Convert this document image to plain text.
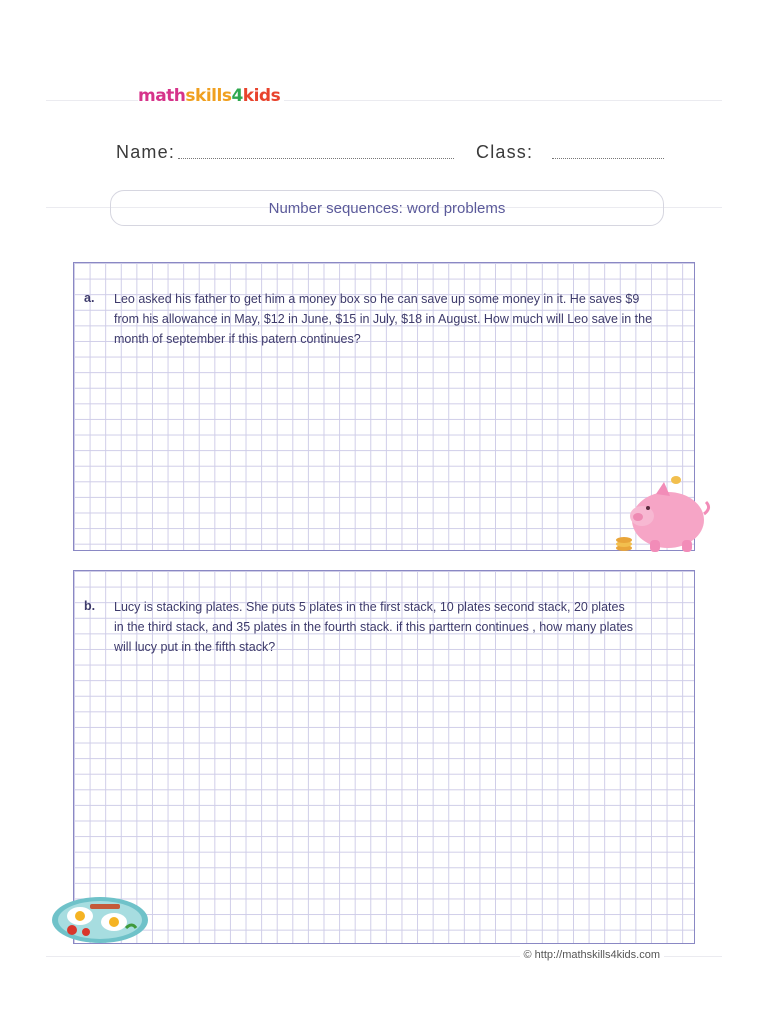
mathskills4kids
Name:	Class:
Number sequences: word problems
a. Leo asked his father to get him a money box so he can save up some money in it. He saves $9
from his allowance in May, $12 in June, $15 in July, $18 in August. How much will Leo save in the
month of september if this patern continues?
b. Lucy is stacking plates. She puts 5 plates in the first stack, 10 plates second stack, 20 plates
in the third stack, and 35 plates in the fourth stack. if this parttern continues , how many plates
will lucy put in the fifth stack?
© http://mathskills4kids.com
